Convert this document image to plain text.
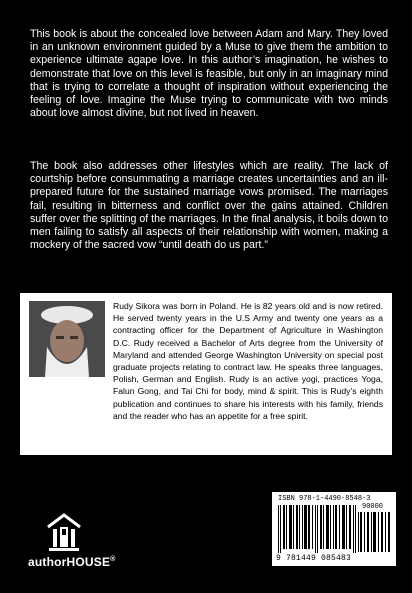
This book is about the concealed love between Adam and Mary. They loved in an unknown environment guided by a Muse to give them the ambition to experience ultimate agape love. In this author’s imagination, he wishes to demonstrate that love on this level is feasible, but only in an imaginary mind that is trying to correlate a thought of inspiration without experiencing the feeling of love. Imagine the Muse trying to communicate with two minds about love almost divine, but not lived in heaven.

The book also addresses other lifestyles which are reality. The lack of courtship before consummating a marriage creates uncertainties and an ill-prepared future for the sustained marriage vows promised. The marriages fail, resulting in bitterness and conflict over the gains attained. Children suffer over the splitting of the marriages. In the final analysis, it boils down to men failing to satisfy all aspects of their relationship with women, making a mockery of the sacred vow “until death do us part.”

Rudy Sikora was born in Poland. He is 82 years old and is now retired. He served twenty years in the U.S Army and twenty one years as a contracting officer for the Department of Agriculture in Washington D.C. Rudy received a Bachelor of Arts degree from the University of Maryland and attended George Washington University on special post graduate projects relating to contract law. He speaks three languages, Polish, German and English. Rudy is an active yogi, practices Yoga, Falun Gong, and Tai Chi for body, mind & spirit. This is Rudy’s eighth publication and continues to share his interests with his family, friends and the reader who has an appetite for a free spirit.

authorHOUSE®
ISBN 978-1-4490-8548-3
90000
9 781449 085483
